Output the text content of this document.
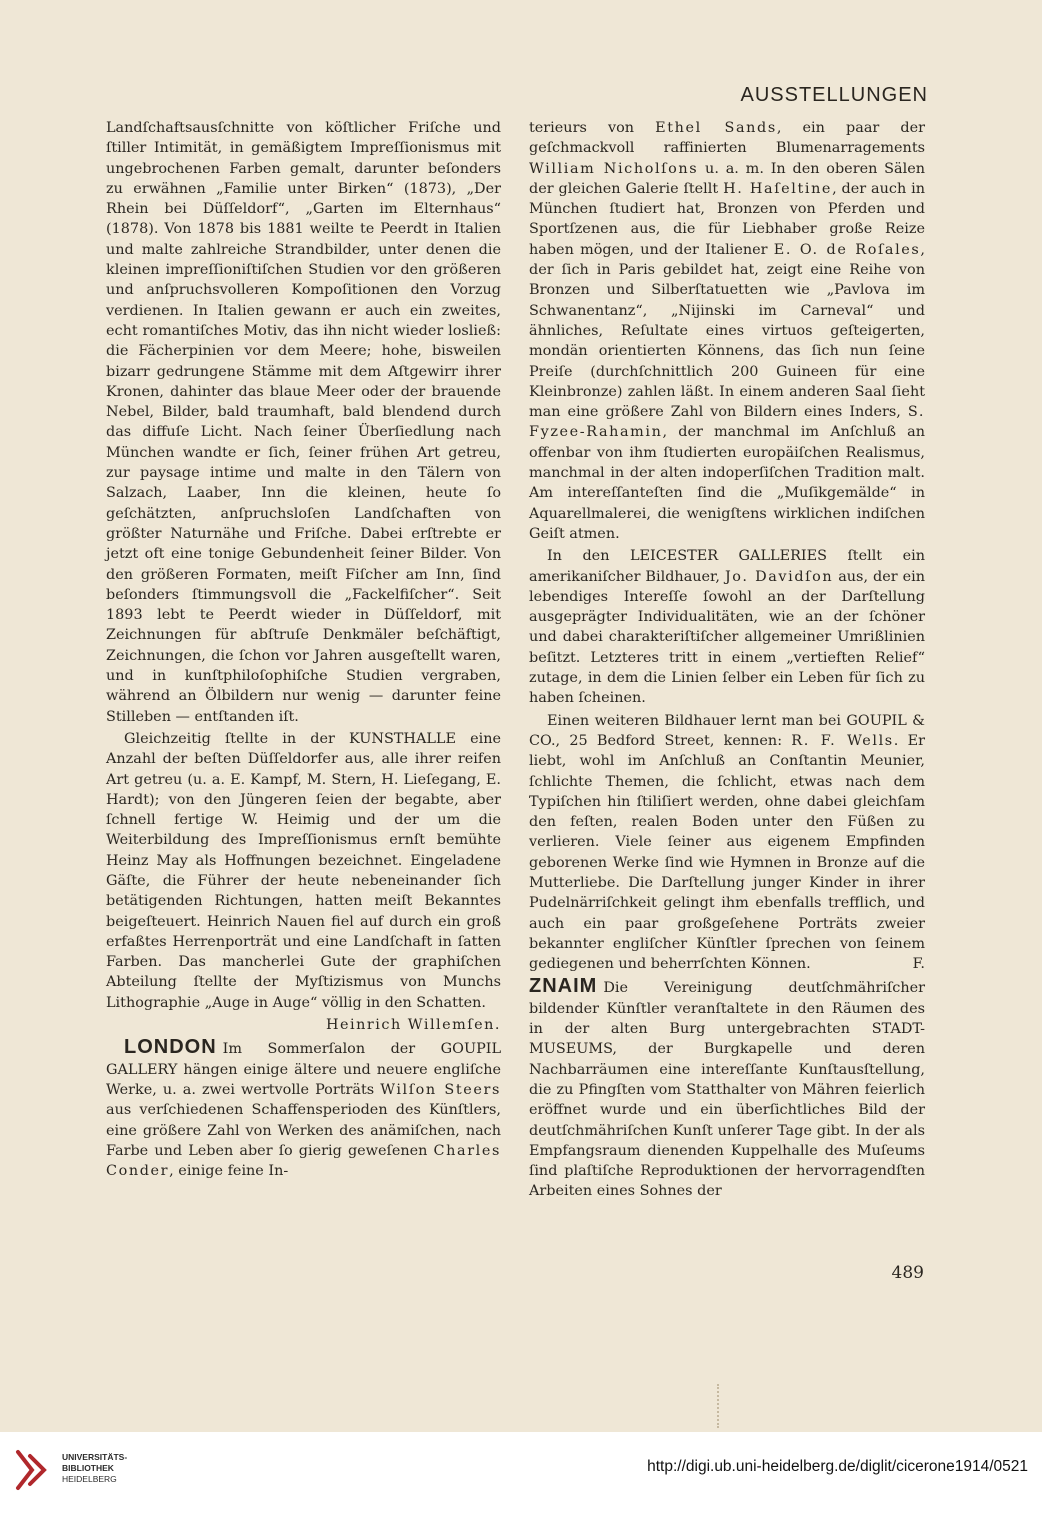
AUSSTELLUNGEN

Landſchaftsausſchnitte von köſtlicher Friſche und ſtiller Intimität, in gemäßigtem Impreſſionismus mit ungebrochenen Farben gemalt, darunter beſonders zu erwähnen „Familie unter Birken“ (1873), „Der Rhein bei Düſſeldorf“, „Garten im Elternhaus“ (1878). Von 1878 bis 1881 weilte te Peerdt in Italien und malte zahlreiche Strandbilder, unter denen die kleinen impreſſioniſtiſchen Studien vor den größeren und anſpruchsvolleren Kompoſitionen den Vorzug verdienen. In Italien gewann er auch ein zweites, echt romantiſches Motiv, das ihn nicht wieder losließ: die Fächerpinien vor dem Meere; hohe, bisweilen bizarr gedrungene Stämme mit dem Aſtgewirr ihrer Kronen, dahinter das blaue Meer oder der brauende Nebel, Bilder, bald traumhaft, bald blendend durch das diffuſe Licht. Nach ſeiner Überſiedlung nach München wandte er ſich, ſeiner frühen Art getreu, zur paysage intime und malte in den Tälern von Salzach, Laaber, Inn die kleinen, heute ſo geſchätzten, anſpruchsloſen Landſchaften von größter Naturnähe und Friſche. Dabei erſtrebte er jetzt oft eine tonige Gebundenheit ſeiner Bilder. Von den größeren Formaten, meiſt Fiſcher am Inn, ſind beſonders ſtimmungsvoll die „Fackelfiſcher“. Seit 1893 lebt te Peerdt wieder in Düſſeldorf, mit Zeichnungen für abſtruſe Denkmäler beſchäftigt, Zeichnungen, die ſchon vor Jahren ausgeſtellt waren, und in kunſtphiloſophiſche Studien vergraben, während an Ölbildern nur wenig — darunter feine Stilleben — entſtanden iſt.

Gleichzeitig ſtellte in der KUNSTHALLE eine Anzahl der beſten Düſſeldorfer aus, alle ihrer reifen Art getreu (u. a. E. Kampf, M. Stern, H. Lieſegang, E. Hardt); von den Jüngeren ſeien der begabte, aber ſchnell fertige W. Heimig und der um die Weiterbildung des Impreſſionismus ernſt bemühte Heinz May als Hoffnungen bezeichnet. Eingeladene Gäſte, die Führer der heute nebeneinander ſich betätigenden Richtungen, hatten meiſt Bekanntes beigeſteuert. Heinrich Nauen fiel auf durch ein groß erfaßtes Herrenporträt und eine Landſchaft in ſatten Farben. Das mancherlei Gute der graphiſchen Abteilung ſtellte der Myſtizismus von Munchs Lithographie „Auge in Auge“ völlig in den Schatten.

Heinrich Willemſen.

LONDON Im Sommerſalon der GOUPIL GALLERY hängen einige ältere und neuere engliſche Werke, u. a. zwei wertvolle Porträts Wilſon Steers aus verſchiedenen Schaffensperioden des Künſtlers, eine größere Zahl von Werken des anämiſchen, nach Farbe und Leben aber ſo gierig geweſenen Charles Conder, einige feine In-

terieurs von Ethel Sands, ein paar der geſchmackvoll raffinierten Blumenarragements William Nicholſons u. a. m. In den oberen Sälen der gleichen Galerie ſtellt H. Haſeltine, der auch in München ſtudiert hat, Bronzen von Pferden und Sportſzenen aus, die für Liebhaber große Reize haben mögen, und der Italiener E. O. de Roſales, der ſich in Paris gebildet hat, zeigt eine Reihe von Bronzen und Silberſtatuetten wie „Pavlova im Schwanentanz“, „Nijinski im Carneval“ und ähnliches, Reſultate eines virtuos geſteigerten, mondän orientierten Könnens, das ſich nun ſeine Preiſe (durchſchnittlich 200 Guineen für eine Kleinbronze) zahlen läßt. In einem anderen Saal ſieht man eine größere Zahl von Bildern eines Inders, S. Fyzee-Rahamin, der manchmal im Anſchluß an offenbar von ihm ſtudierten europäiſchen Realismus, manchmal in der alten indoperſiſchen Tradition malt. Am intereſſanteſten ſind die „Muſikgemälde“ in Aquarellmalerei, die wenigſtens wirklichen indiſchen Geiſt atmen.

In den LEICESTER GALLERIES ſtellt ein amerikaniſcher Bildhauer, Jo. Davidſon aus, der ein lebendiges Intereſſe ſowohl an der Darſtellung ausgeprägter Individualitäten, wie an der ſchöner und dabei charakteriſtiſcher allgemeiner Umrißlinien beſitzt. Letzteres tritt in einem „vertieften Relief“ zutage, in dem die Linien ſelber ein Leben für ſich zu haben ſcheinen.

Einen weiteren Bildhauer lernt man bei GOUPIL & CO., 25 Bedford Street, kennen: R. F. Wells. Er liebt, wohl im Anſchluß an Conſtantin Meunier, ſchlichte Themen, die ſchlicht, etwas nach dem Typiſchen hin ſtiliſiert werden, ohne dabei gleichſam den feſten, realen Boden unter den Füßen zu verlieren. Viele ſeiner aus eigenem Empfinden geborenen Werke ſind wie Hymnen in Bronze auf die Mutterliebe. Die Darſtellung junger Kinder in ihrer Pudelnärriſchkeit gelingt ihm ebenfalls trefflich, und auch ein paar großgeſehene Porträts zweier bekannter engliſcher Künſtler ſprechen von ſeinem gediegenen und beherrſchten Können.	F.

ZNAIM Die Vereinigung deutſchmähriſcher bildender Künſtler veranſtaltete in den Räumen des in der alten Burg untergebrachten STADT-MUSEUMS, der Burgkapelle und deren Nachbarräumen eine intereſſante Kunſtausſtellung, die zu Pfingſten vom Statthalter von Mähren feierlich eröffnet wurde und ein überſichtliches Bild der deutſchmähriſchen Kunſt unſerer Tage gibt. In der als Empfangsraum dienenden Kuppelhalle des Muſeums ſind plaſtiſche Reproduktionen der hervorragendſten Arbeiten eines Sohnes der

489
UNIVERSITÄTS-
BIBLIOTHEK
HEIDELBERG
http://digi.ub.uni-heidelberg.de/diglit/cicerone1914/0521
